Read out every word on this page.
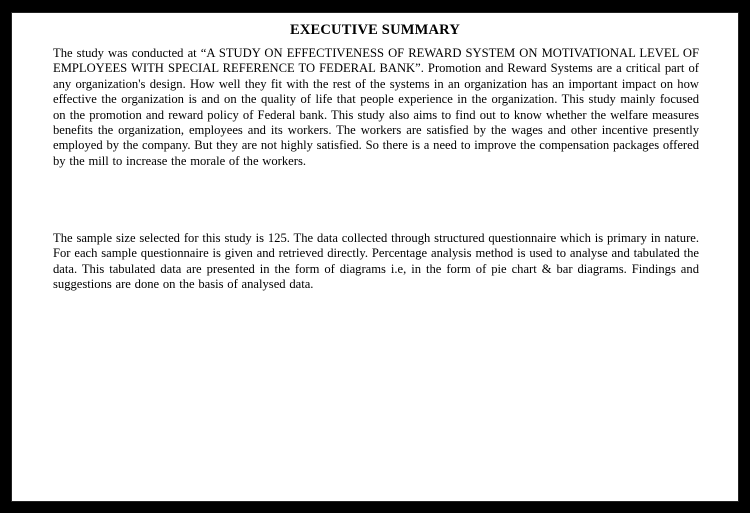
EXECUTIVE SUMMARY

The study was conducted at “A STUDY ON EFFECTIVENESS OF REWARD SYSTEM ON MOTIVATIONAL LEVEL OF EMPLOYEES WITH SPECIAL REFERENCE TO FEDERAL BANK”. Promotion and Reward Systems are a critical part of any organization's design. How well they fit with the rest of the systems in an organization has an important impact on how effective the organization is and on the quality of life that people experience in the organization. This study mainly focused on the promotion and reward policy of Federal bank. This study also aims to find out to know whether the welfare measures benefits the organization, employees and its workers. The workers are satisfied by the wages and other incentive presently employed by the company. But they are not highly satisfied. So there is a need to improve the compensation packages offered by the mill to increase the morale of the workers.

The sample size selected for this study is 125. The data collected through structured questionnaire which is primary in nature. For each sample questionnaire is given and retrieved directly. Percentage analysis method is used to analyse and tabulated the data. This tabulated data are presented in the form of diagrams i.e, in the form of pie chart & bar diagrams. Findings and suggestions are done on the basis of analysed data.
